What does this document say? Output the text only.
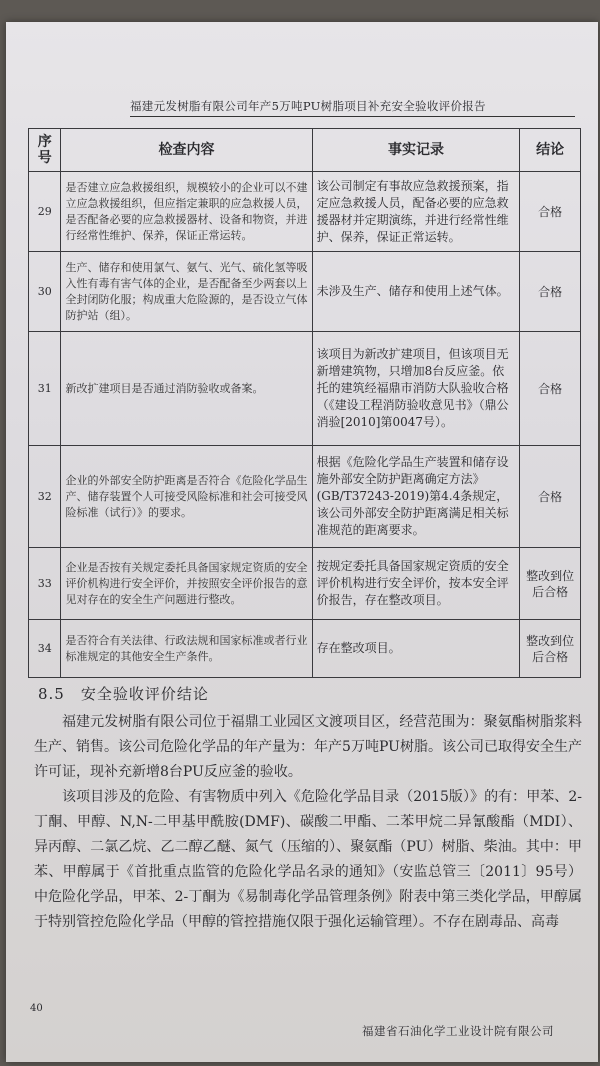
福建元发树脂有限公司年产5万吨PU树脂项目补充安全验收评价报告
序号	检查内容	事实记录	结论
29	是否建立应急救援组织，规模较小的企业可以不建立应急救援组织，但应指定兼职的应急救援人员，是否配备必要的应急救援器材、设备和物资，并进行经常性维护、保养，保证正常运转。	该公司制定有事故应急救援预案，指定应急救援人员，配备必要的应急救援器材并定期演练，并进行经常性维护、保养，保证正常运转。	合格
30	生产、储存和使用氯气、氨气、光气、硫化氢等吸入性有毒有害气体的企业，是否配备至少两套以上全封闭防化服；构成重大危险源的，是否设立气体防护站（组）。	未涉及生产、储存和使用上述气体。	合格
31	新改扩建项目是否通过消防验收或备案。	该项目为新改扩建项目，但该项目无新增建筑物，只增加8台反应釜。依托的建筑经福鼎市消防大队验收合格（《建设工程消防验收意见书》（鼎公消验[2010]第0047号）。	合格
32	企业的外部安全防护距离是否符合《危险化学品生产、储存装置个人可接受风险标准和社会可接受风险标准（试行）》的要求。	根据《危险化学品生产装置和储存设施外部安全防护距离确定方法》(GB/T37243-2019)第4.4条规定，该公司外部安全防护距离满足相关标准规范的距离要求。	合格
33	企业是否按有关规定委托具备国家规定资质的安全评价机构进行安全评价，并按照安全评价报告的意见对存在的安全生产问题进行整改。	按规定委托具备国家规定资质的安全评价机构进行安全评价，按本安全评价报告，存在整改项目。	整改到位后合格
34	是否符合有关法律、行政法规和国家标准或者行业标准规定的其他安全生产条件。	存在整改项目。	整改到位后合格
8.5　安全验收评价结论

福建元发树脂有限公司位于福鼎工业园区文渡项目区，经营范围为：聚氨酯树脂浆料生产、销售。该公司危险化学品的年产量为：年产5万吨PU树脂。该公司已取得安全生产许可证，现补充新增8台PU反应釜的验收。

该项目涉及的危险、有害物质中列入《危险化学品目录（2015版）》的有：甲苯、2-丁酮、甲醇、N,N-二甲基甲酰胺(DMF)、碳酸二甲酯、二苯甲烷二异氰酸酯（MDI）、异丙醇、二氯乙烷、乙二醇乙醚、氮气（压缩的）、聚氨酯（PU）树脂、柴油。其中：甲苯、甲醇属于《首批重点监管的危险化学品名录的通知》（安监总管三〔2011〕95号）中危险化学品，甲苯、2-丁酮为《易制毒化学品管理条例》附表中第三类化学品，甲醇属于特别管控危险化学品（甲醇的管控措施仅限于强化运输管理）。不存在剧毒品、高毒

40
福建省石油化学工业设计院有限公司
